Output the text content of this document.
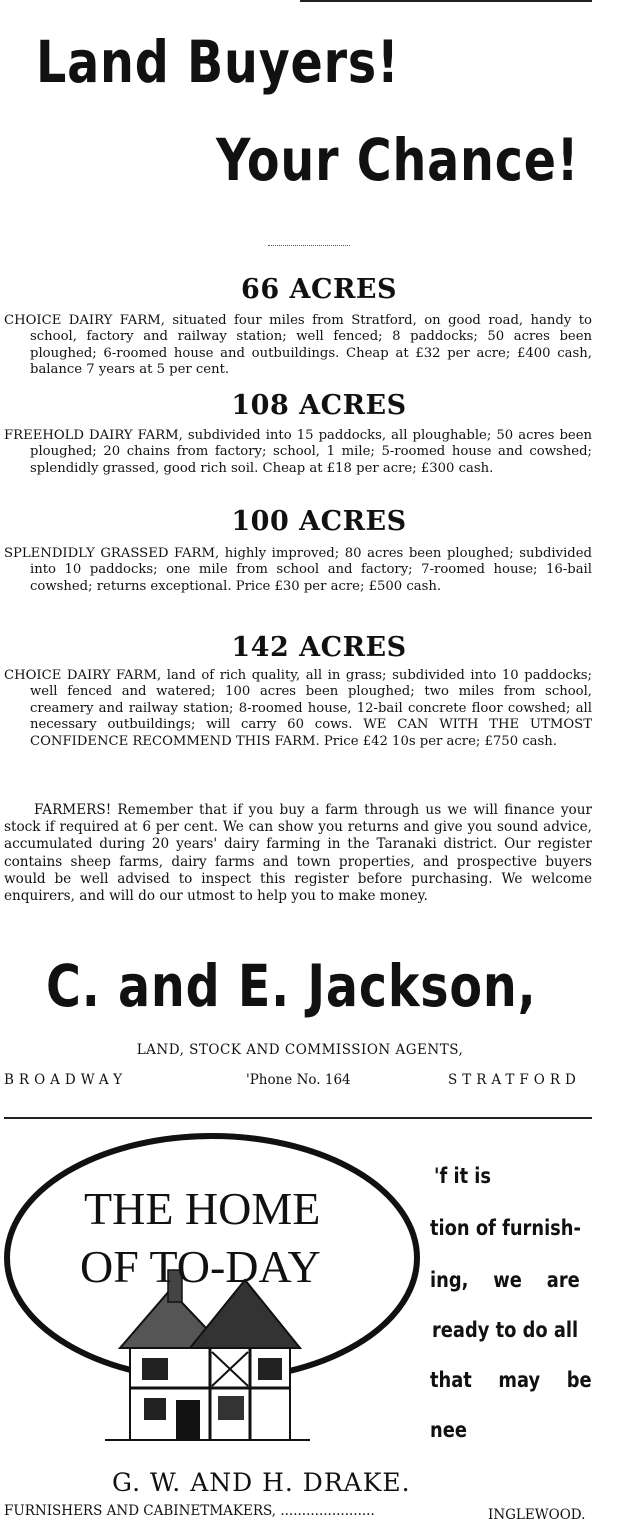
Land Buyers!
Your Chance!
66 ACRES
CHOICE DAIRY FARM, situated four miles from Stratford, on good road, handy to school, factory and railway station; well fenced; 8 paddocks; 50 acres been ploughed; 6-roomed house and outbuildings. Cheap at £32 per acre; £400 cash, balance 7 years at 5 per cent.
108 ACRES
FREEHOLD DAIRY FARM, subdivided into 15 paddocks, all ploughable; 50 acres been ploughed; 20 chains from factory; school, 1 mile; 5-roomed house and cowshed; splendidly grassed, good rich soil. Cheap at £18 per acre; £300 cash.
100 ACRES
SPLENDIDLY GRASSED FARM, highly improved; 80 acres been ploughed; subdivided into 10 paddocks; one mile from school and factory; 7-roomed house; 16-bail cowshed; returns exceptional. Price £30 per acre; £500 cash.
142 ACRES
CHOICE DAIRY FARM, land of rich quality, all in grass; subdivided into 10 paddocks; well fenced and watered; 100 acres been ploughed; two miles from school, creamery and railway station; 8-roomed house, 12-bail concrete floor cowshed; all necessary outbuildings; will carry 60 cows. WE CAN WITH THE UTMOST CONFIDENCE RECOMMEND THIS FARM. Price £42 10s per acre; £750 cash.
FARMERS! Remember that if you buy a farm through us we will finance your stock if required at 6 per cent. We can show you returns and give you sound advice, accumulated during 20 years' dairy farming in the Taranaki district. Our register contains sheep farms, dairy farms and town properties, and prospective buyers would be well advised to inspect this register before purchasing. We welcome enquirers, and will do our utmost to help you to make money.
C. and E. Jackson,
LAND, STOCK AND COMMISSION AGENTS,
BROADWAY	'Phone No. 164	STRATFORD
THE HOME
OF TO-DAY
'f it is
tion of furnish-
ing, we are
ready to do all
that may be
nee
G. W. AND H. DRAKE.
FURNISHERS AND CABINETMAKERS, ......................	INGLEWOOD.
